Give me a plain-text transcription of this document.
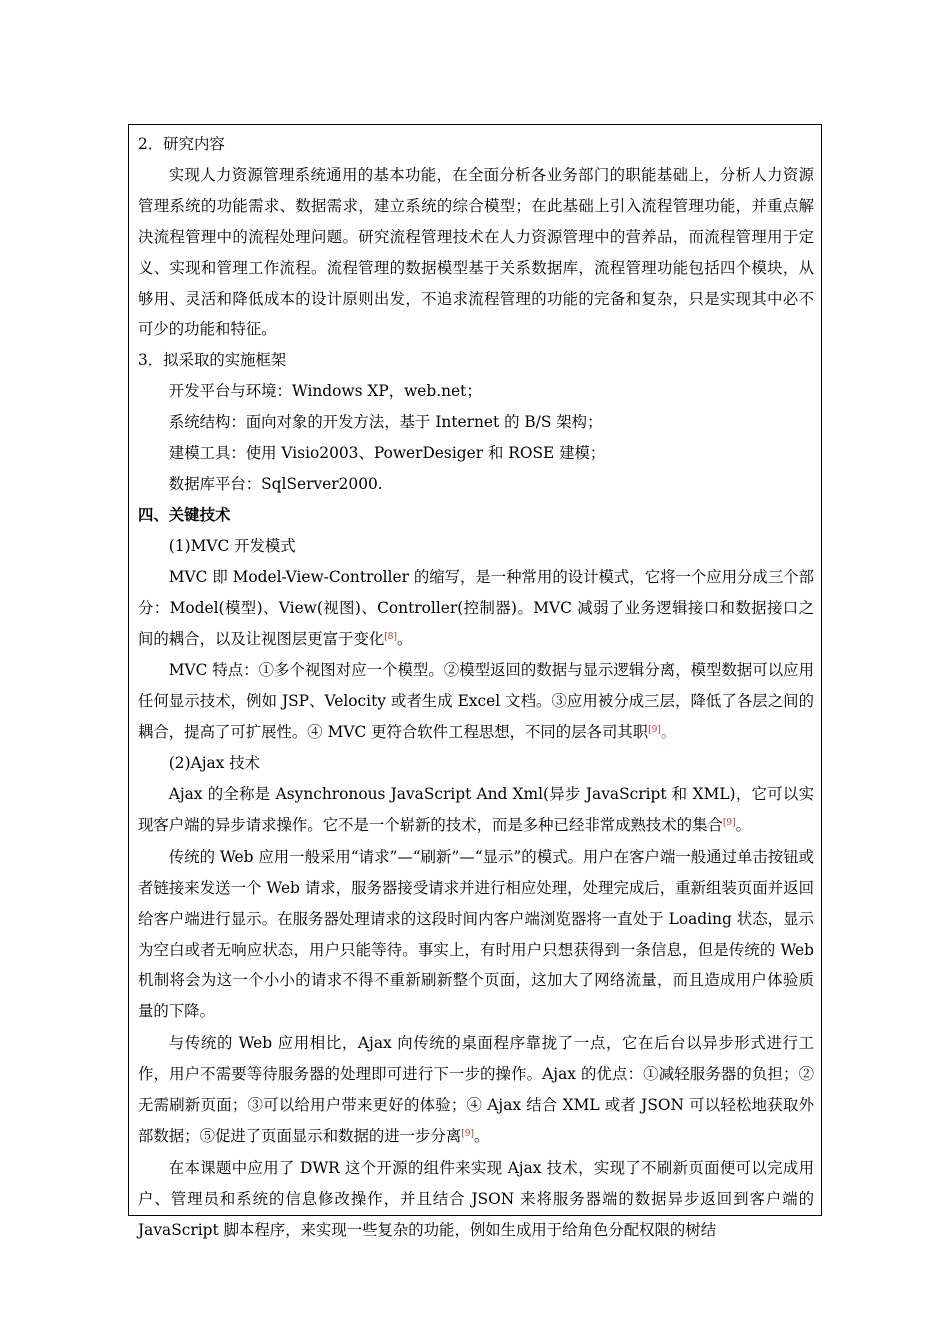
2．研究内容

实现人力资源管理系统通用的基本功能，在全面分析各业务部门的职能基础上，分析人力资源管理系统的功能需求、数据需求，建立系统的综合模型；在此基础上引入流程管理功能，并重点解决流程管理中的流程处理问题。研究流程管理技术在人力资源管理中的营养品，而流程管理用于定义、实现和管理工作流程。流程管理的数据模型基于关系数据库，流程管理功能包括四个模块，从够用、灵活和降低成本的设计原则出发，不追求流程管理的功能的完备和复杂，只是实现其中必不可少的功能和特征。

3．拟采取的实施框架

开发平台与环境：Windows XP，web.net；

系统结构：面向对象的开发方法，基于 Internet 的 B/S 架构；

建模工具：使用 Visio2003、PowerDesiger 和 ROSE 建模；

数据库平台：SqlServer2000.

四、关键技术

(1)MVC 开发模式

MVC 即 Model-View-Controller 的缩写，是一种常用的设计模式，它将一个应用分成三个部分：Model(模型)、View(视图)、Controller(控制器)。MVC 减弱了业务逻辑接口和数据接口之间的耦合，以及让视图层更富于变化[8]。

MVC 特点：①多个视图对应一个模型。②模型返回的数据与显示逻辑分离，模型数据可以应用任何显示技术，例如 JSP、Velocity 或者生成 Excel 文档。③应用被分成三层，降低了各层之间的耦合，提高了可扩展性。④ MVC 更符合软件工程思想，不同的层各司其职[9]。

(2)Ajax 技术

Ajax 的全称是 Asynchronous JavaScript And Xml(异步 JavaScript 和 XML)，它可以实现客户端的异步请求操作。它不是一个崭新的技术，而是多种已经非常成熟技术的集合[9]。

传统的 Web 应用一般采用“请求”—“刷新”—“显示”的模式。用户在客户端一般通过单击按钮或者链接来发送一个 Web 请求，服务器接受请求并进行相应处理，处理完成后，重新组装页面并返回给客户端进行显示。在服务器处理请求的这段时间内客户端浏览器将一直处于 Loading 状态，显示为空白或者无响应状态，用户只能等待。事实上，有时用户只想获得到一条信息，但是传统的 Web 机制将会为这一个小小的请求不得不重新刷新整个页面，这加大了网络流量，而且造成用户体验质量的下降。

与传统的 Web 应用相比，Ajax 向传统的桌面程序靠拢了一点，它在后台以异步形式进行工作，用户不需要等待服务器的处理即可进行下一步的操作。Ajax 的优点：①减轻服务器的负担；②无需刷新页面；③可以给用户带来更好的体验；④ Ajax 结合 XML 或者 JSON 可以轻松地获取外部数据；⑤促进了页面显示和数据的进一步分离[9]。

在本课题中应用了 DWR 这个开源的组件来实现 Ajax 技术，实现了不刷新页面便可以完成用户、管理员和系统的信息修改操作，并且结合 JSON 来将服务器端的数据异步返回到客户端的 JavaScript 脚本程序，来实现一些复杂的功能，例如生成用于给角色分配权限的树结
